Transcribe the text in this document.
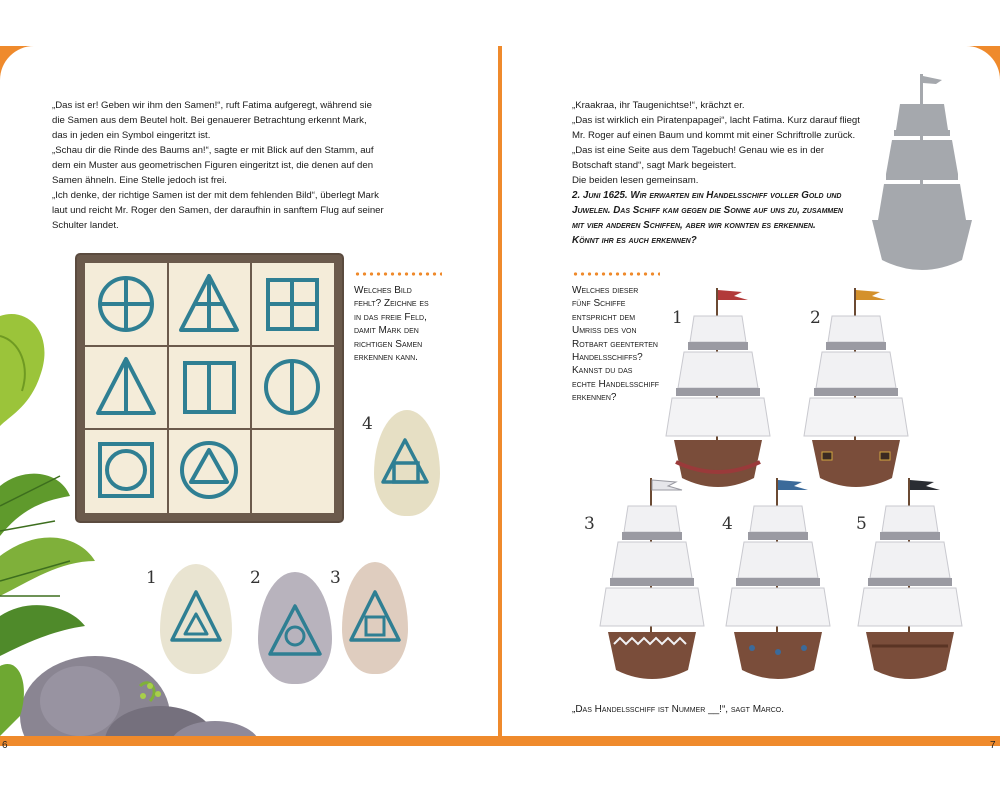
„Das ist er! Geben wir ihm den Samen!“, ruft Fatima aufgeregt, während sie

die Samen aus dem Beutel holt. Bei genauerer Betrachtung erkennt Mark,

das in jeden ein Symbol eingeritzt ist.

„Schau dir die Rinde des Baums an!“, sagte er mit Blick auf den Stamm, auf

dem ein Muster aus geometrischen Figuren eingeritzt ist, die denen auf den

Samen ähneln. Eine Stelle jedoch ist frei.

„Ich denke, der richtige Samen ist der mit dem fehlenden Bild“, überlegt Mark

laut und reicht Mr. Roger den Samen, der daraufhin in sanftem Flug auf seiner

Schulter landet.

Welches Bild

fehlt? Zeichne es

in das freie Feld,

damit Mark den

richtigen Samen

erkennen kann.

4
1	2	3

„Kraakraa, ihr Taugenichtse!“, krächzt er.

„Das ist wirklich ein Piratenpapagei“, lacht Fatima. Kurz darauf fliegt

Mr. Roger auf einen Baum und kommt mit einer Schriftrolle zurück.

„Das ist eine Seite aus dem Tagebuch! Genau wie es in der

Botschaft stand“, sagt Mark begeistert.

Die beiden lesen gemeinsam.

2. Juni 1625. Wir erwarten ein Handelsschiff voller Gold und

Juwelen. Das Schiff kam gegen die Sonne auf uns zu, zusammen

mit vier anderen Schiffen, aber wir konnten es erkennen.

Könnt ihr es auch erkennen?

Welches dieser

fünf Schiffe

entspricht dem

Umriss des von

Rotbart geenterten

Handelsschiffs?

Kannst du das

echte Handelsschiff

erkennen?

1	2
3	4	5
„Das Handelsschiff ist Nummer __!“, sagt Marco.
6	7
